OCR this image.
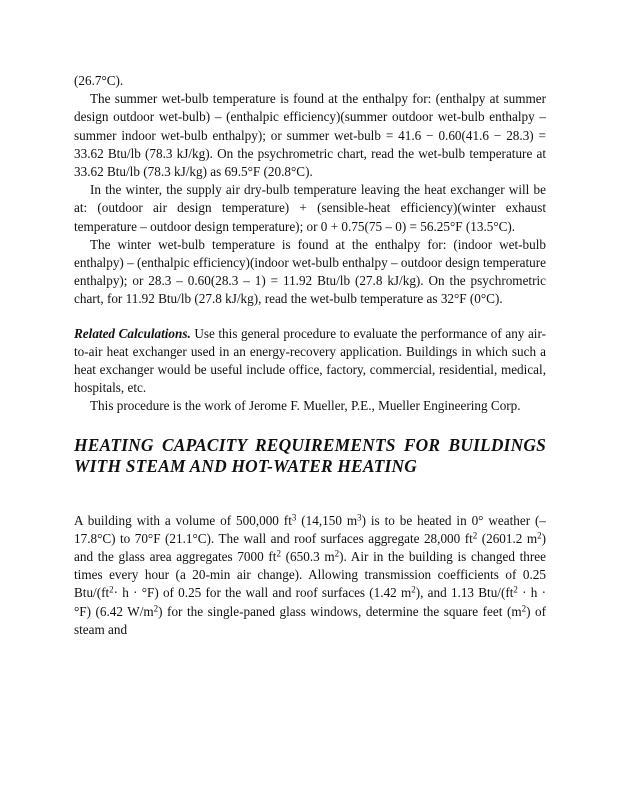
(26.7°C).

The summer wet-bulb temperature is found at the enthalpy for: (enthalpy at summer design outdoor wet-bulb) – (enthalpic efficiency)(summer outdoor wet-bulb enthalpy – summer indoor wet-bulb enthalpy); or summer wet-bulb = 41.6 − 0.60(41.6 − 28.3) = 33.62 Btu/lb (78.3 kJ/kg). On the psychrometric chart, read the wet-bulb temperature at 33.62 Btu/lb (78.3 kJ/kg) as 69.5°F (20.8°C).

In the winter, the supply air dry-bulb temperature leaving the heat exchanger will be at: (outdoor air design temperature) + (sensible-heat efficiency)(winter exhaust temperature – outdoor design temperature); or 0 + 0.75(75 – 0) = 56.25°F (13.5°C).

The winter wet-bulb temperature is found at the enthalpy for: (indoor wet-bulb enthalpy) – (enthalpic efficiency)(indoor wet-bulb enthalpy – outdoor design temperature enthalpy); or 28.3 – 0.60(28.3 – 1) = 11.92 Btu/lb (27.8 kJ/kg). On the psychrometric chart, for 11.92 Btu/lb (27.8 kJ/kg), read the wet-bulb temperature as 32°F (0°C).

Related Calculations. Use this general procedure to evaluate the performance of any air-to-air heat exchanger used in an energy-recovery application. Buildings in which such a heat exchanger would be useful include office, factory, commercial, residential, medical, hospitals, etc.

This procedure is the work of Jerome F. Mueller, P.E., Mueller Engineering Corp.

HEATING CAPACITY REQUIREMENTS FOR BUILDINGS WITH STEAM AND HOT-WATER HEATING

A building with a volume of 500,000 $ft^3$ (14,150 $m^3$) is to be heated in 0° weather (–17.8°C) to 70°F (21.1°C). The wall and roof surfaces aggregate 28,000 $ft^2$ (2601.2 $m^2$) and the glass area aggregates 7000 $ft^2$ (650.3 $m^2$). Air in the building is changed three times every hour (a 20-min air change). Allowing transmission coefficients of 0.25 Btu/$(ft^2\cdot h \cdot ^\circ F)$ of 0.25 for the wall and roof surfaces (1.42 $m^2$), and 1.13 Btu/$(ft^2 \cdot h \cdot ^\circ F)$ (6.42 $W/m^2$) for the single-paned glass windows, determine the square feet $(m^2)$ of steam and
